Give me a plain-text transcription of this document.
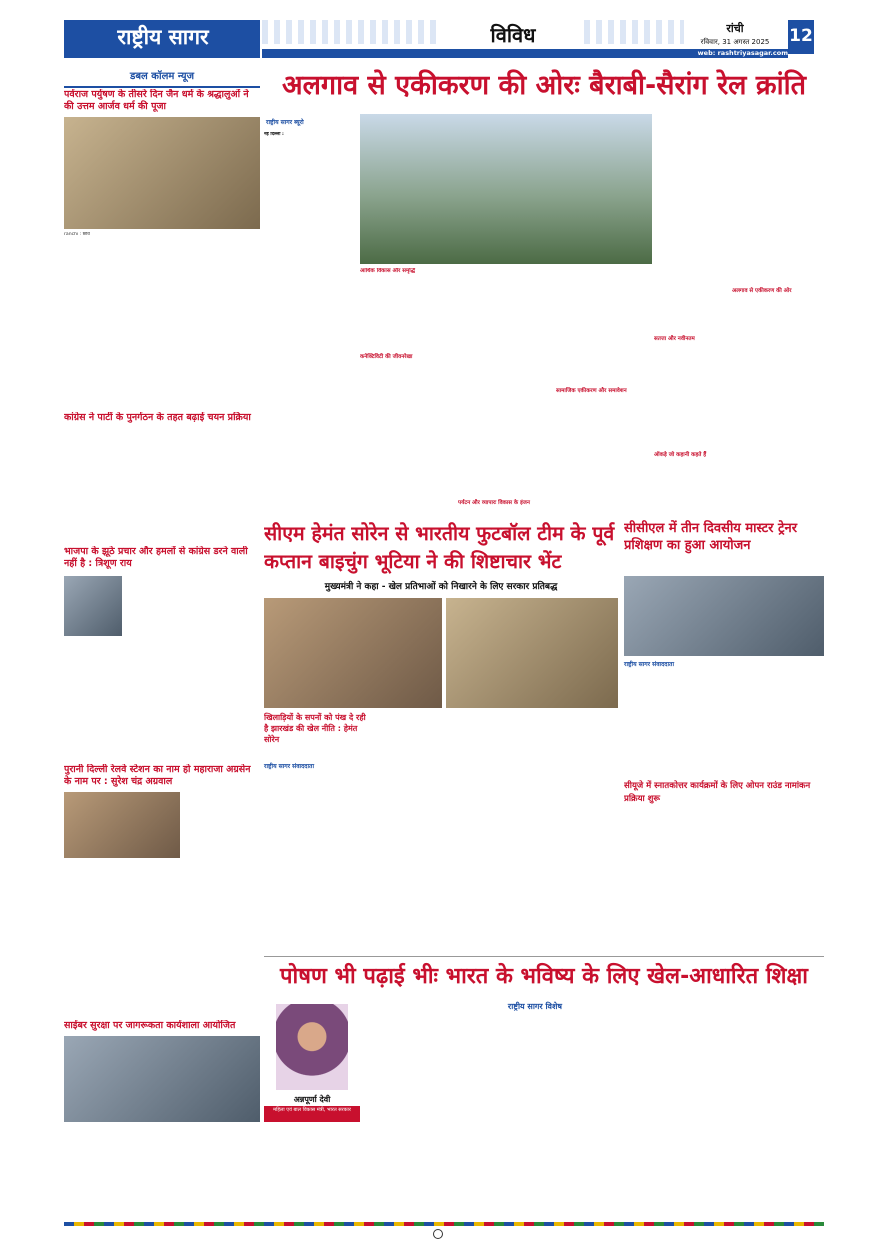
राष्ट्रीय सागर	विविध	रांची
रविवार, 31 अगस्त 2025	12
web: rashtriyasagar.com
डबल कॉलम न्यूज
पर्वराज पर्युषण के तीसरे दिन जैन धर्म के श्रद्धालुओं ने की उत्तम आर्जव धर्म की पूजा
ranchi : छवि
कांग्रेस ने पार्टी के पुनर्गठन के तहत बढ़ाई चयन प्रक्रिया
भाजपा के झूठे प्रचार और हमलों से कांग्रेस डरने वाली नहीं है : त्रिशूण राय
पुरानी दिल्ली रेलवे स्टेशन का नाम हो महाराजा अग्रसेन के नाम पर : सुरेश चंद्र अग्रवाल
साईबर सुरक्षा पर जागरूकता कार्यशाला आयोजित
अलगाव से एकीकरण की ओरः बैराबी-सैरांग रेल क्रांति
राष्ट्रीय सागर ब्यूरो
नई दिल्ली :
आर्थिक विकास और समृद्धि
कनेक्टिविटी की जीवनरेखा
पर्यटन और व्यापारः विकास के इंजन
सामाजिक एकीकरण और समावेशन
सतत्ता और नवीनतम
ऑकड़े जो कहानी कहते हैं
अलगाव से एकीकरण की ओर
सीएम हेमंत सोरेन से भारतीय फुटबॉल टीम के पूर्व कप्तान बाइचुंग भूटिया ने की शिष्टाचार भेंट
मुख्यमंत्री ने कहा - खेल प्रतिभाओं को निखारने के लिए सरकार प्रतिबद्ध
खिलाड़ियों के सपनों को पंख दे रही है झारखंड की खेल नीति : हेमंत सोरेन
राष्ट्रीय सागर संवाददाता
सीसीएल में तीन दिवसीय मास्टर ट्रेनर प्रशिक्षण का हुआ आयोजन
राष्ट्रीय सागर संवाददाता
सीयूजे में स्नातकोत्तर कार्यक्रमों के लिए ओपन राउंड नामांकन प्रक्रिया शुरू
पोषण भी पढ़ाई भीः भारत के भविष्य के लिए खेल-आधारित शिक्षा
अन्नपूर्णा देवी
महिला एवं बाल विकास मंत्री, भारत सरकार
राष्ट्रीय सागर विशेष
